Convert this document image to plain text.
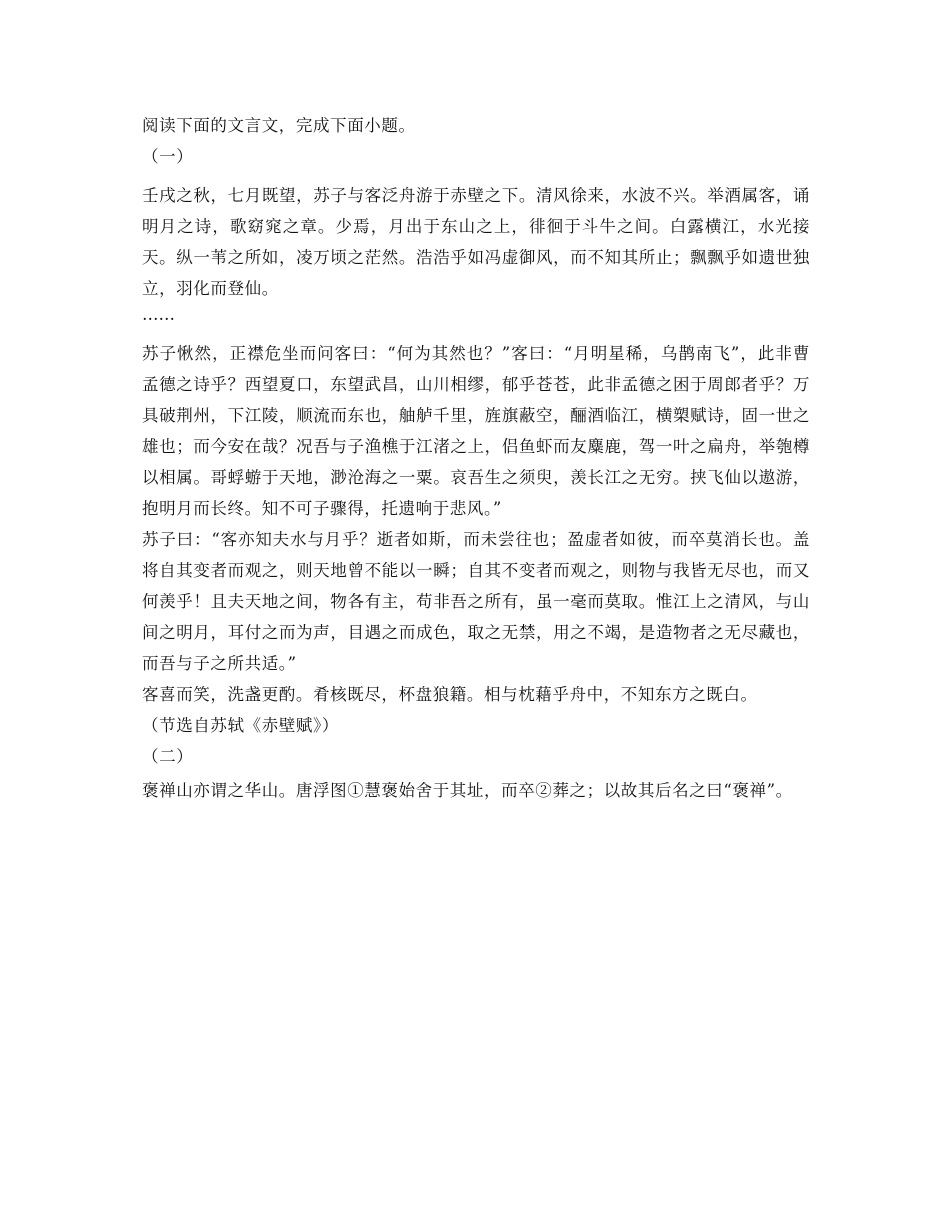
阅读下面的文言文，完成下面小题。

（一）

壬戌之秋，七月既望，苏子与客泛舟游于赤壁之下。清风徐来，水波不兴。举酒属客，诵明月之诗，歌窈窕之章。少焉，月出于东山之上，徘徊于斗牛之间。白露横江，水光接天。纵一苇之所如，凌万顷之茫然。浩浩乎如冯虚御风，而不知其所止；飘飘乎如遗世独立，羽化而登仙。

……

苏子愀然，正襟危坐而问客曰：“何为其然也？”客曰：“月明星稀，乌鹊南飞”，此非曹孟德之诗乎？西望夏口，东望武昌，山川相缪，郁乎苍苍，此非孟德之困于周郎者乎？万具破荆州，下江陵，顺流而东也，舳舻千里，旌旗蔽空，酾酒临江，横槊赋诗，固一世之雄也；而今安在哉？况吾与子渔樵于江渚之上，侣鱼虾而友麋鹿，驾一叶之扁舟，举匏樽以相属。哥蜉蝣于天地，渺沧海之一粟。哀吾生之须臾，羡长江之无穷。挟飞仙以遨游，抱明月而长终。知不可子骤得，托遗响于悲风。”

苏子曰：“客亦知夫水与月乎？逝者如斯，而未尝往也；盈虚者如彼，而卒莫消长也。盖将自其变者而观之，则天地曾不能以一瞬；自其不变者而观之，则物与我皆无尽也，而又何羡乎！且夫天地之间，物各有主，苟非吾之所有，虽一毫而莫取。惟江上之清风，与山间之明月，耳付之而为声，目遇之而成色，取之无禁，用之不竭，是造物者之无尽藏也，而吾与子之所共适。”

客喜而笑，洗盏更酌。肴核既尽，杯盘狼籍。相与枕藉乎舟中，不知东方之既白。

（节选自苏轼《赤壁赋》）

（二）

褒禅山亦谓之华山。唐浮图①慧褒始舍于其址，而卒②葬之；以故其后名之曰“褒禅”。
